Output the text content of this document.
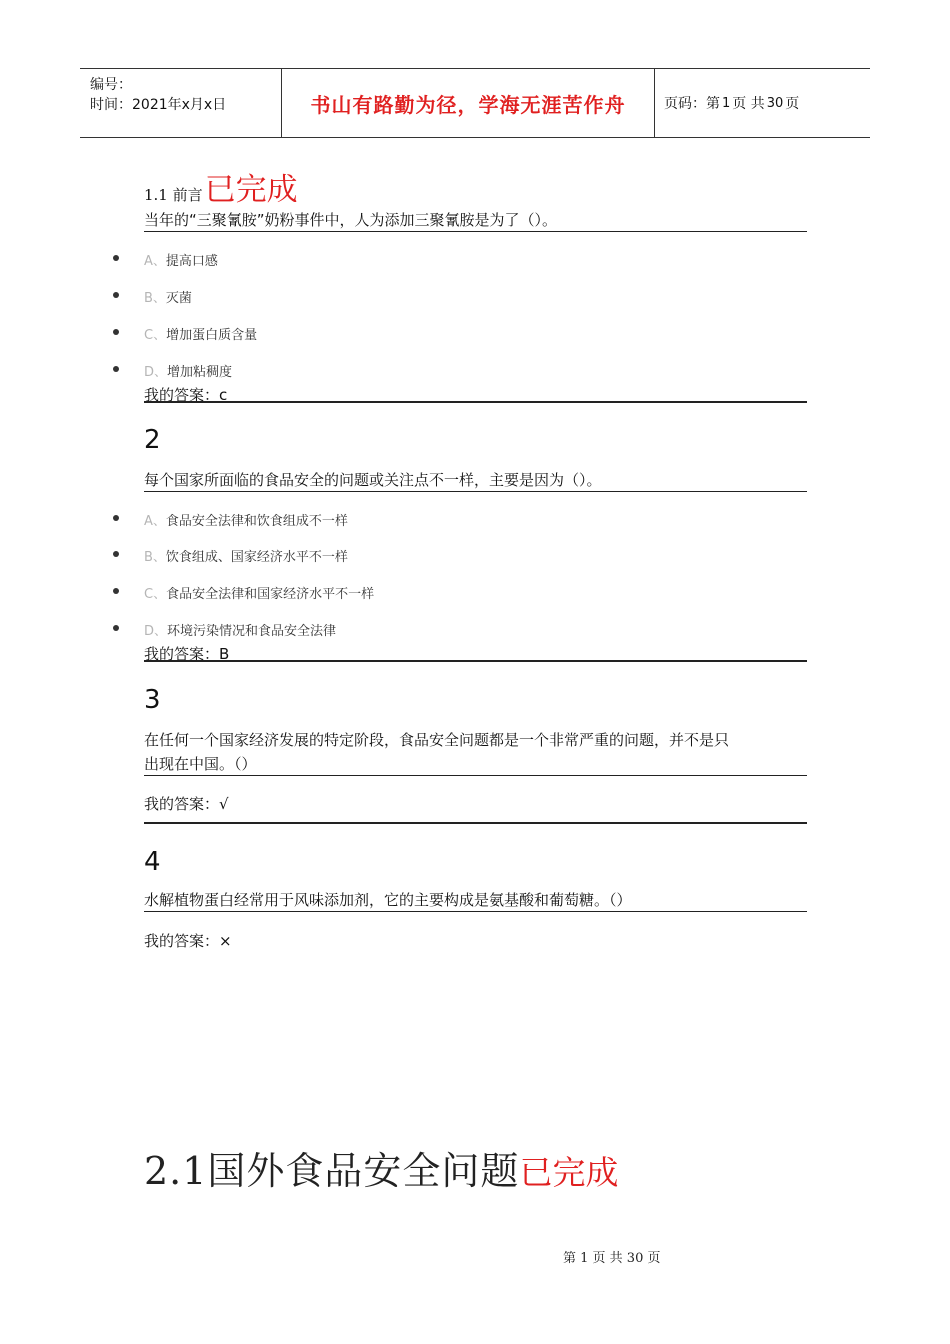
编号：
时间：2021年x月x日	书山有路勤为径，学海无涯苦作舟	页码：第 1 页 共 30 页
1.1 前言已完成
当年的“三聚氰胺”奶粉事件中，人为添加三聚氰胺是为了（）。
A、提高口感
B、灭菌
C、增加蛋白质含量
D、增加粘稠度
我的答案：c
2
每个国家所面临的食品安全的问题或关注点不一样，主要是因为（）。
A、食品安全法律和饮食组成不一样
B、饮食组成、国家经济水平不一样
C、食品安全法律和国家经济水平不一样
D、环境污染情况和食品安全法律
我的答案：B
3
在任何一个国家经济发展的特定阶段，食品安全问题都是一个非常严重的问题，并不是只
出现在中国。（）
我的答案：√
4
水解植物蛋白经常用于风味添加剂，它的主要构成是氨基酸和葡萄糖。（）
我的答案：×
2.1国外食品安全问题已完成
第 1 页 共 30 页
